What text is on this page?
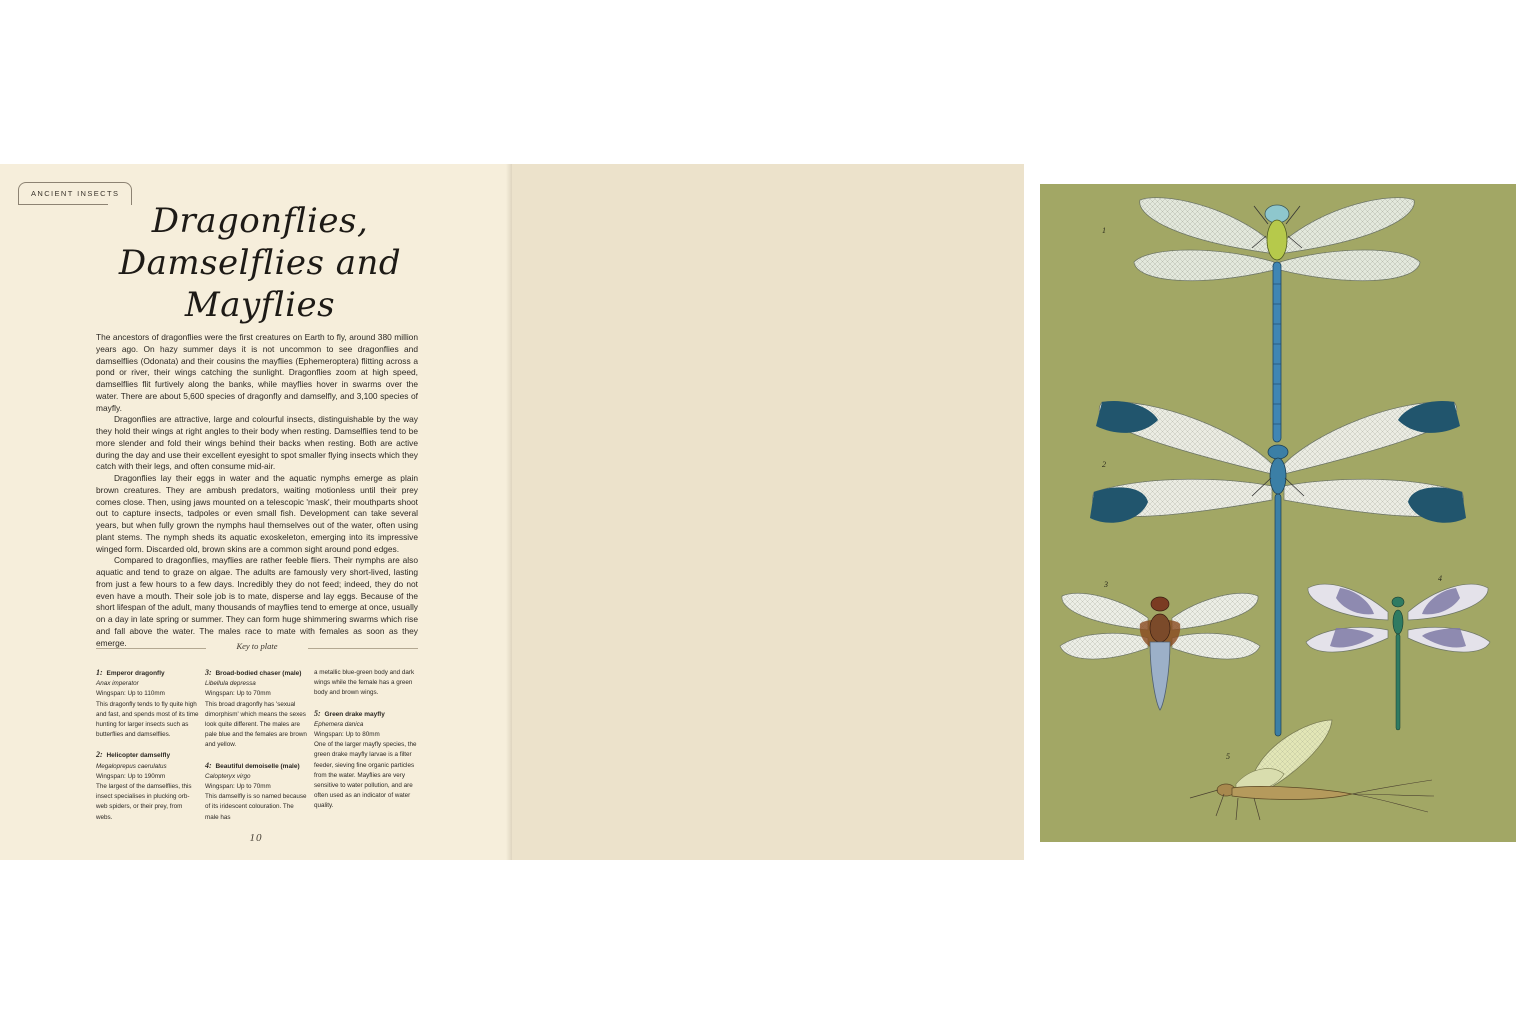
ANCIENT INSECTS
Dragonflies,
Damselflies and
Mayflies

The ancestors of dragonflies were the first creatures on Earth to fly, around 380 million years ago. On hazy summer days it is not uncommon to see dragonflies and damselflies (Odonata) and their cousins the mayflies (Ephemeroptera) flitting across a pond or river, their wings catching the sunlight. Dragonflies zoom at high speed, damselflies flit furtively along the banks, while mayflies hover in swarms over the water. There are about 5,600 species of dragonfly and damselfly, and 3,100 species of mayfly.

Dragonflies are attractive, large and colourful insects, distinguishable by the way they hold their wings at right angles to their body when resting. Damselflies tend to be more slender and fold their wings behind their backs when resting. Both are active during the day and use their excellent eyesight to spot smaller flying insects which they catch with their legs, and often consume mid-air.

Dragonflies lay their eggs in water and the aquatic nymphs emerge as plain brown creatures. They are ambush predators, waiting motionless until their prey comes close. Then, using jaws mounted on a telescopic 'mask', their mouthparts shoot out to capture insects, tadpoles or even small fish. Development can take several years, but when fully grown the nymphs haul themselves out of the water, often using plant stems. The nymph sheds its aquatic exoskeleton, emerging into its impressive winged form. Discarded old, brown skins are a common sight around pond edges.

Compared to dragonflies, mayflies are rather feeble fliers. Their nymphs are also aquatic and tend to graze on algae. The adults are famously very short-lived, lasting from just a few hours to a few days. Incredibly they do not feed; indeed, they do not even have a mouth. Their sole job is to mate, disperse and lay eggs. Because of the short lifespan of the adult, many thousands of mayflies tend to emerge at once, usually on a day in late spring or summer. They can form huge shimmering swarms which rise and fall above the water. The males race to mate with females as soon as they emerge.	Key to plate
1: Emperor dragonfly
Anax imperator
Wingspan: Up to 110mm
This dragonfly tends to fly quite high and fast, and spends most of its time hunting for larger insects such as butterflies and damselflies.
2: Helicopter damselfly
Megaloprepus caerulatus
Wingspan: Up to 190mm
The largest of the damselflies, this insect specialises in plucking orb-web spiders, or their prey, from webs.
3: Broad-bodied chaser (male)
Libellula depressa
Wingspan: Up to 70mm
This broad dragonfly has 'sexual dimorphism' which means the sexes look quite different. The males are pale blue and the females are brown and yellow.
4: Beautiful demoiselle (male)
Calopteryx virgo
Wingspan: Up to 70mm
This damselfly is so named because of its iridescent colouration. The male has
a metallic blue-green body and dark wings while the female has a green body and brown wings.
5: Green drake mayfly
Ephemera danica
Wingspan: Up to 80mm
One of the larger mayfly species, the green drake mayfly larvae is a filter feeder, sieving fine organic particles from the water. Mayflies are very sensitive to water pollution, and are often used as an indicator of water quality.
10
1
2
3
4
5
